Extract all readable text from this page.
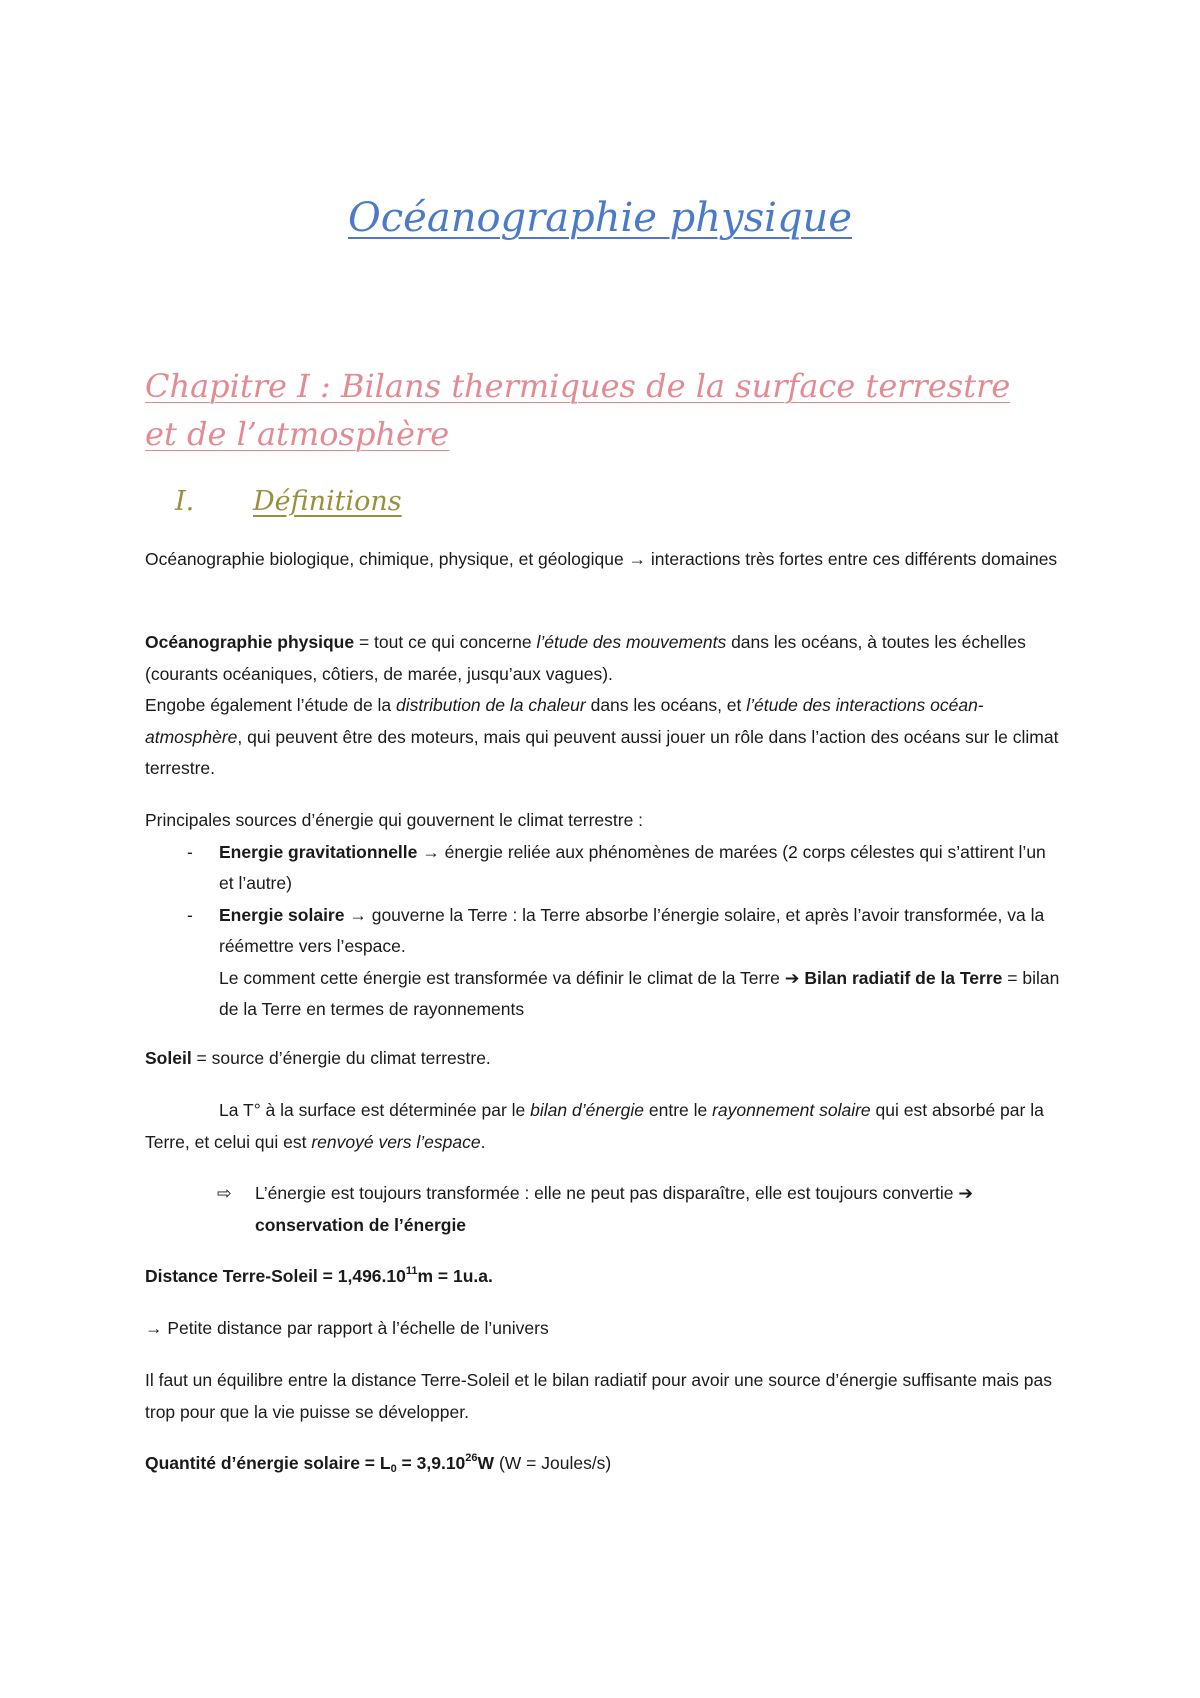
Océanographie physique
Chapitre I : Bilans thermiques de la surface terrestre et de l’atmosphère
I. Définitions

Océanographie biologique, chimique, physique, et géologique → interactions très fortes entre ces différents domaines

Océanographie physique = tout ce qui concerne l’étude des mouvements dans les océans, à toutes les échelles (courants océaniques, côtiers, de marée, jusqu’aux vagues).

Engobe également l’étude de la distribution de la chaleur dans les océans, et l’étude des interactions océan-atmosphère, qui peuvent être des moteurs, mais qui peuvent aussi jouer un rôle dans l’action des océans sur le climat terrestre.

Principales sources d’énergie qui gouvernent le climat terrestre :

- Energie gravitationnelle → énergie reliée aux phénomènes de marées (2 corps célestes qui s’attirent l’un et l’autre)

- Energie solaire → gouverne la Terre : la Terre absorbe l’énergie solaire, et après l’avoir transformée, va la réémettre vers l’espace.

Le comment cette énergie est transformée va définir le climat de la Terre ➔ Bilan radiatif de la Terre = bilan de la Terre en termes de rayonnements

Soleil = source d’énergie du climat terrestre.

La T° à la surface est déterminée par le bilan d’énergie entre le rayonnement solaire qui est absorbé par la Terre, et celui qui est renvoyé vers l’espace.

⇨ L’énergie est toujours transformée : elle ne peut pas disparaître, elle est toujours convertie ➔ conservation de l’énergie

Distance Terre-Soleil = $1,496.10^{11}m = 1u.a$.

→ Petite distance par rapport à l’échelle de l’univers

Il faut un équilibre entre la distance Terre-Soleil et le bilan radiatif pour avoir une source d’énergie suffisante mais pas trop pour que la vie puisse se développer.

Quantité d’énergie solaire = $L_0 = 3,9.10^{26}W$ (W = Joules/s)
